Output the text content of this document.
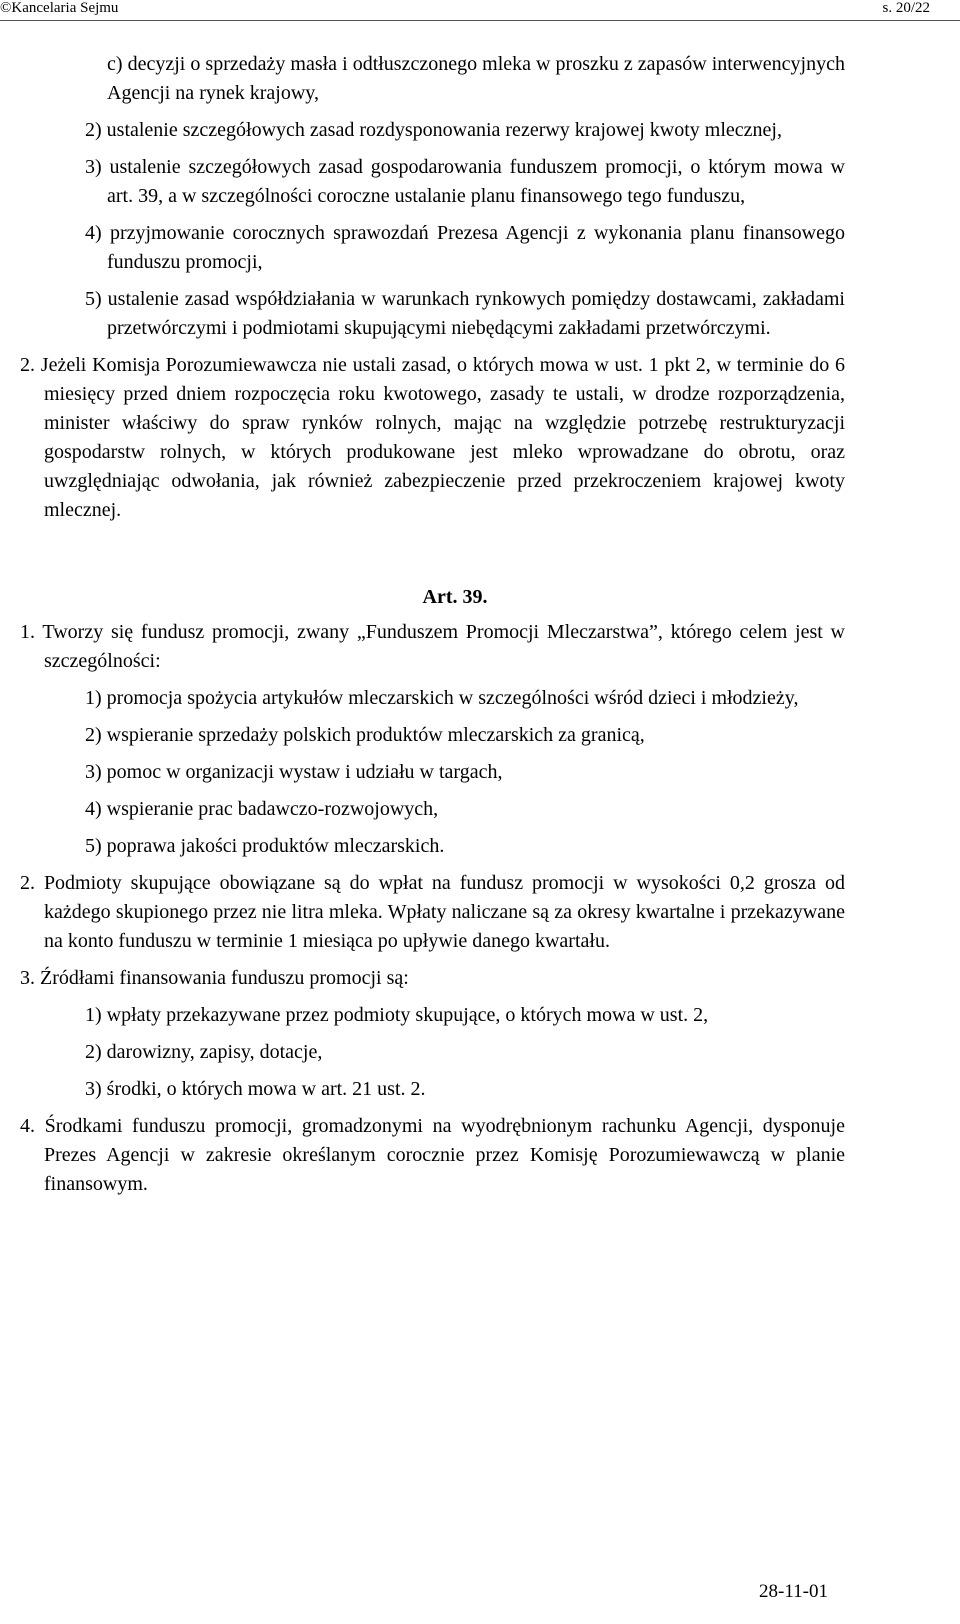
©Kancelaria Sejmu	s. 20/22
c) decyzji o sprzedaży masła i odtłuszczonego mleka w proszku z zapasów interwencyjnych Agencji na rynek krajowy,
2) ustalenie szczegółowych zasad rozdysponowania rezerwy krajowej kwoty mlecznej,
3) ustalenie szczegółowych zasad gospodarowania funduszem promocji, o którym mowa w art. 39, a w szczególności coroczne ustalanie planu finansowego tego funduszu,
4) przyjmowanie corocznych sprawozdań Prezesa Agencji z wykonania planu finansowego funduszu promocji,
5) ustalenie zasad współdziałania w warunkach rynkowych pomiędzy dostawcami, zakładami przetwórczymi i podmiotami skupującymi niebędącymi zakładami przetwórczymi.
2. Jeżeli Komisja Porozumiewawcza nie ustali zasad, o których mowa w ust. 1 pkt 2, w terminie do 6 miesięcy przed dniem rozpoczęcia roku kwotowego, zasady te ustali, w drodze rozporządzenia, minister właściwy do spraw rynków rolnych, mając na względzie potrzebę restrukturyzacji gospodarstw rolnych, w których produkowane jest mleko wprowadzane do obrotu, oraz uwzględniając odwołania, jak również zabezpieczenie przed przekroczeniem krajowej kwoty mlecznej.
Art. 39.
1. Tworzy się fundusz promocji, zwany „Funduszem Promocji Mleczarstwa”, którego celem jest w szczególności:
1) promocja spożycia artykułów mleczarskich w szczególności wśród dzieci i młodzieży,
2) wspieranie sprzedaży polskich produktów mleczarskich za granicą,
3) pomoc w organizacji wystaw i udziału w targach,
4) wspieranie prac badawczo-rozwojowych,
5) poprawa jakości produktów mleczarskich.
2. Podmioty skupujące obowiązane są do wpłat na fundusz promocji w wysokości 0,2 grosza od każdego skupionego przez nie litra mleka. Wpłaty naliczane są za okresy kwartalne i przekazywane na konto funduszu w terminie 1 miesiąca po upływie danego kwartału.
3. Źródłami finansowania funduszu promocji są:
1) wpłaty przekazywane przez podmioty skupujące, o których mowa w ust. 2,
2) darowizny, zapisy, dotacje,
3) środki, o których mowa w art. 21 ust. 2.
4. Środkami funduszu promocji, gromadzonymi na wyodrębnionym rachunku Agencji, dysponuje Prezes Agencji w zakresie określanym corocznie przez Komisję Porozumiewawczą w planie finansowym.
28-11-01
